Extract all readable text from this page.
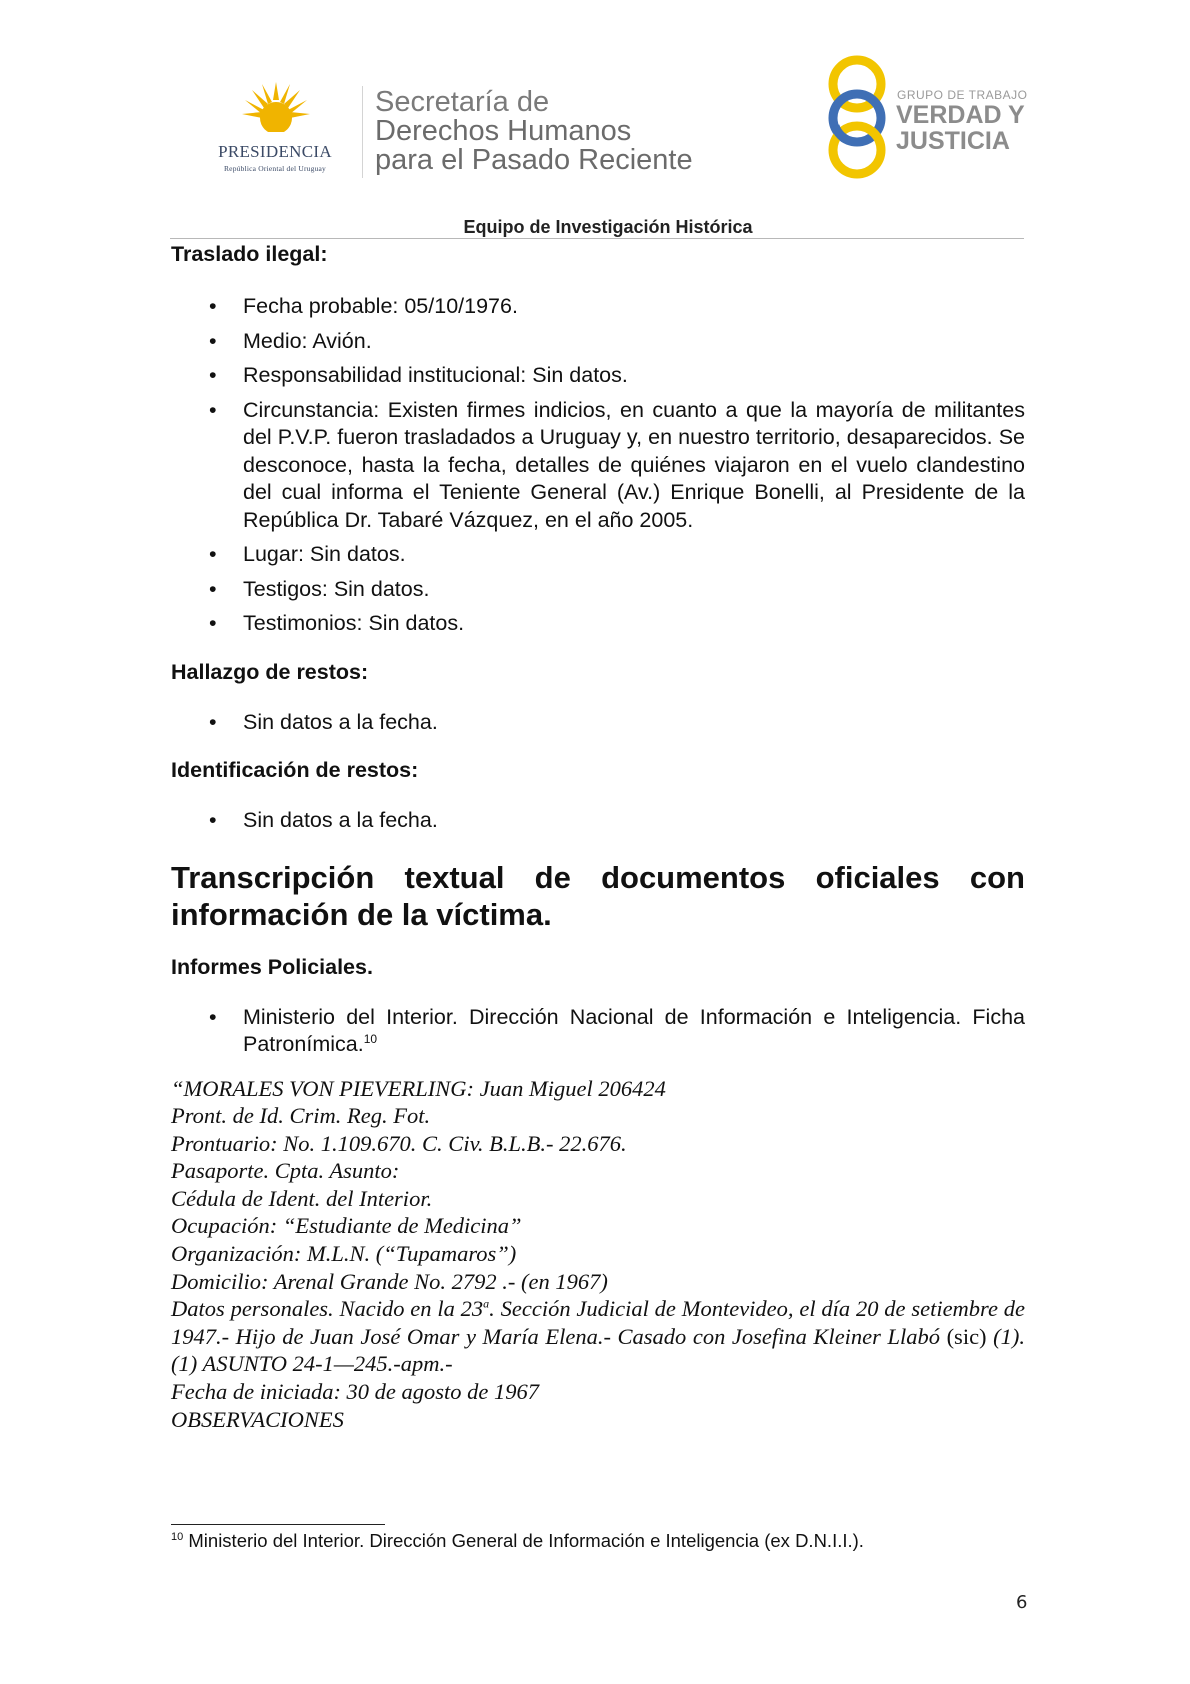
PRESIDENCIA
República Oriental del Uruguay
Secretaría de
Derechos Humanos
para el Pasado Reciente
GRUPO DE TRABAJO
VERDAD Y
JUSTICIA
Equipo de Investigación Histórica
Traslado ilegal:
• Fecha probable: 05/10/1976.
• Medio: Avión.
• Responsabilidad institucional: Sin datos.
• Circunstancia: Existen firmes indicios, en cuanto a que la mayoría de militantes del P.V.P. fueron trasladados a Uruguay y, en nuestro territorio, desaparecidos. Se desconoce, hasta la fecha, detalles de quiénes viajaron en el vuelo clandestino del cual informa el Teniente General (Av.) Enrique Bonelli, al Presidente de la República Dr. Tabaré Vázquez, en el año 2005.
• Lugar: Sin datos.
• Testigos: Sin datos.
• Testimonios: Sin datos.
Hallazgo de restos:
• Sin datos a la fecha.
Identificación de restos:
• Sin datos a la fecha.
Transcripción textual de documentos oficiales con
información de la víctima.
Informes Policiales.
• Ministerio del Interior. Dirección Nacional de Información e Inteligencia. Ficha Patronímica.$^{10}$

“MORALES VON PIEVERLING: Juan Miguel 206424

Pront. de Id. Crim. Reg. Fot.

Prontuario: No. 1.109.670. C. Civ. B.L.B.- 22.676.

Pasaporte. Cpta. Asunto:

Cédula de Ident. del Interior.

Ocupación: “Estudiante de Medicina”

Organización: M.L.N. (“Tupamaros”)

Domicilio: Arenal Grande No. 2792 .- (en 1967)

Datos personales. Nacido en la 23$^a$. Sección Judicial de Montevideo, el día 20 de setiembre de 1947.- Hijo de Juan José Omar y María Elena.- Casado con Josefina Kleiner Llabó (sic) (1). (1) ASUNTO 24-1—245.-apm.-

Fecha de iniciada: 30 de agosto de 1967

OBSERVACIONES

$^{10}$ Ministerio del Interior. Dirección General de Información e Inteligencia (ex D.N.I.I.).
6
